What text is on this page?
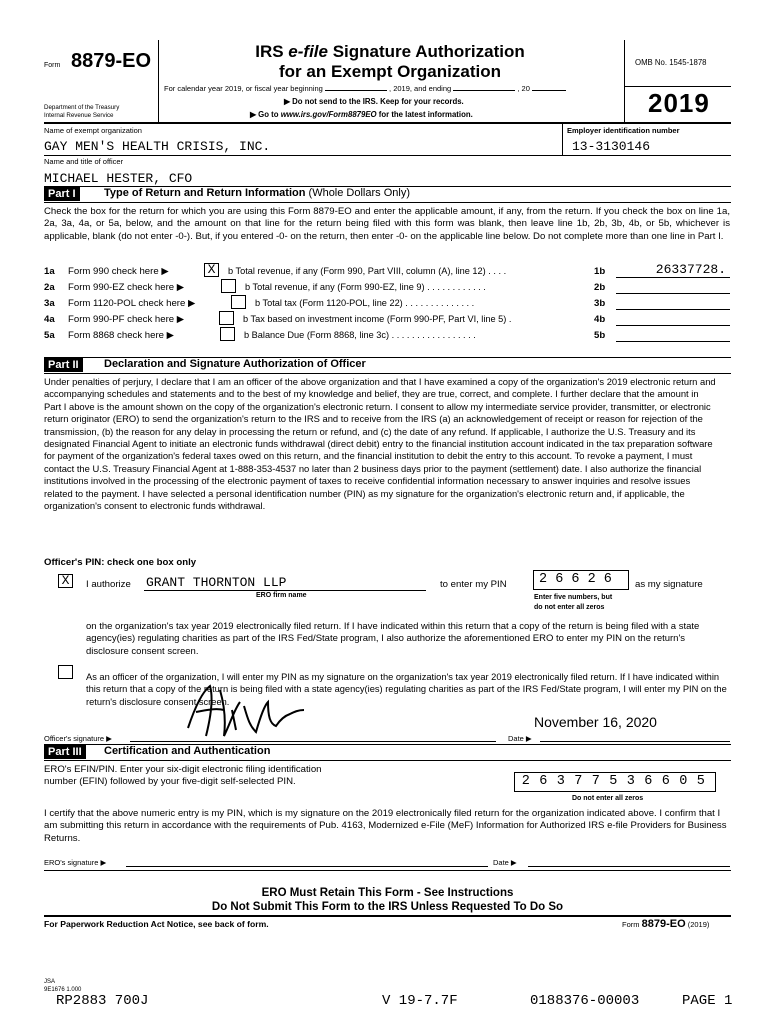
Form 8879-EO	IRS e-file Signature Authorization
for an Exempt Organization
For calendar year 2019, or fiscal year beginning	, 2019, and ending	, 20
▶ Do not send to the IRS. Keep for your records.
▶ Go to www.irs.gov/Form8879EO for the latest information.
Department of the Treasury
Internal Revenue Service
OMB No. 1545-1878
2019
Name of exempt organization
GAY MEN'S HEALTH CRISIS, INC.
Employer identification number
13-3130146
Name and title of officer
MICHAEL HESTER, CFO
Part I	Type of Return and Return Information (Whole Dollars Only)
Check the box for the return for which you are using this Form 8879-EO and enter the applicable amount, if any, from the return. If you check the box on line 1a, 2a, 3a, 4a, or 5a, below, and the amount on that line for the return being filed with this form was blank, then leave line 1b, 2b, 3b, 4b, or 5b, whichever is applicable, blank (do not enter -0-). But, if you entered -0- on the return, then enter -0- on the applicable line below. Do not complete more than one line in Part I.
1a Form 990 check here ▶	X	b Total revenue, if any (Form 990, Part VIII, column (A), line 12) . . . .	1b	26337728.
2a Form 990-EZ check here ▶	b Total revenue, if any (Form 990-EZ, line 9) . . . . . . . . . . . .	2b
3a Form 1120-POL check here ▶	b Total tax (Form 1120-POL, line 22) . . . . . . . . . . . . . .	3b
4a Form 990-PF check here ▶	b Tax based on investment income (Form 990-PF, Part VI, line 5) .	4b
5a Form 8868 check here ▶	b Balance Due (Form 8868, line 3c) . . . . . . . . . . . . . . . . .	5b
Part II	Declaration and Signature Authorization of Officer
Under penalties of perjury, I declare that I am an officer of the above organization and that I have examined a copy of the organization's 2019 electronic return and accompanying schedules and statements and to the best of my knowledge and belief, they are true, correct, and complete. I further declare that the amount in Part I above is the amount shown on the copy of the organization's electronic return. I consent to allow my intermediate service provider, transmitter, or electronic return originator (ERO) to send the organization's return to the IRS and to receive from the IRS (a) an acknowledgement of receipt or reason for rejection of the transmission, (b) the reason for any delay in processing the return or refund, and (c) the date of any refund. If applicable, I authorize the U.S. Treasury and its designated Financial Agent to initiate an electronic funds withdrawal (direct debit) entry to the financial institution account indicated in the tax preparation software for payment of the organization's federal taxes owed on this return, and the financial institution to debit the entry to this account. To revoke a payment, I must contact the U.S. Treasury Financial Agent at 1-888-353-4537 no later than 2 business days prior to the payment (settlement) date. I also authorize the financial institutions involved in the processing of the electronic payment of taxes to receive confidential information necessary to answer inquiries and resolve issues related to the payment. I have selected a personal identification number (PIN) as my signature for the organization's electronic return and, if applicable, the organization's consent to electronic funds withdrawal.
Officer's PIN: check one box only
X	I authorize GRANT THORNTON LLP
ERO firm name
to enter my PIN	2 6 6 2 6	as my signature
Enter five numbers, but
do not enter all zeros
on the organization's tax year 2019 electronically filed return. If I have indicated within this return that a copy of the return is being filed with a state agency(ies) regulating charities as part of the IRS Fed/State program, I also authorize the aforementioned ERO to enter my PIN on the return's disclosure consent screen.
As an officer of the organization, I will enter my PIN as my signature on the organization's tax year 2019 electronically filed return. If I have indicated within this return that a copy of the return is being filed with a state agency(ies) regulating charities as part of the IRS Fed/State program, I will enter my PIN on the return's disclosure consent screen.
Officer's signature ▶	Date ▶
November 16, 2020
Part III	Certification and Authentication
ERO's EFIN/PIN. Enter your six-digit electronic filing identification
number (EFIN) followed by your five-digit self-selected PIN.	2 6 3 7 7 5 3 6 6 0 5
Do not enter all zeros
I certify that the above numeric entry is my PIN, which is my signature on the 2019 electronically filed return for the organization indicated above. I confirm that I am submitting this return in accordance with the requirements of Pub. 4163, Modernized e-File (MeF) Information for Authorized IRS e-file Providers for Business Returns.
ERO's signature ▶	Date ▶
ERO Must Retain This Form - See Instructions
Do Not Submit This Form to the IRS Unless Requested To Do So
For Paperwork Reduction Act Notice, see back of form.	Form 8879-EO (2019)
JSA
9E1676 1.000
RP2883 700J	V 19-7.7F	0188376-00003	PAGE 1
